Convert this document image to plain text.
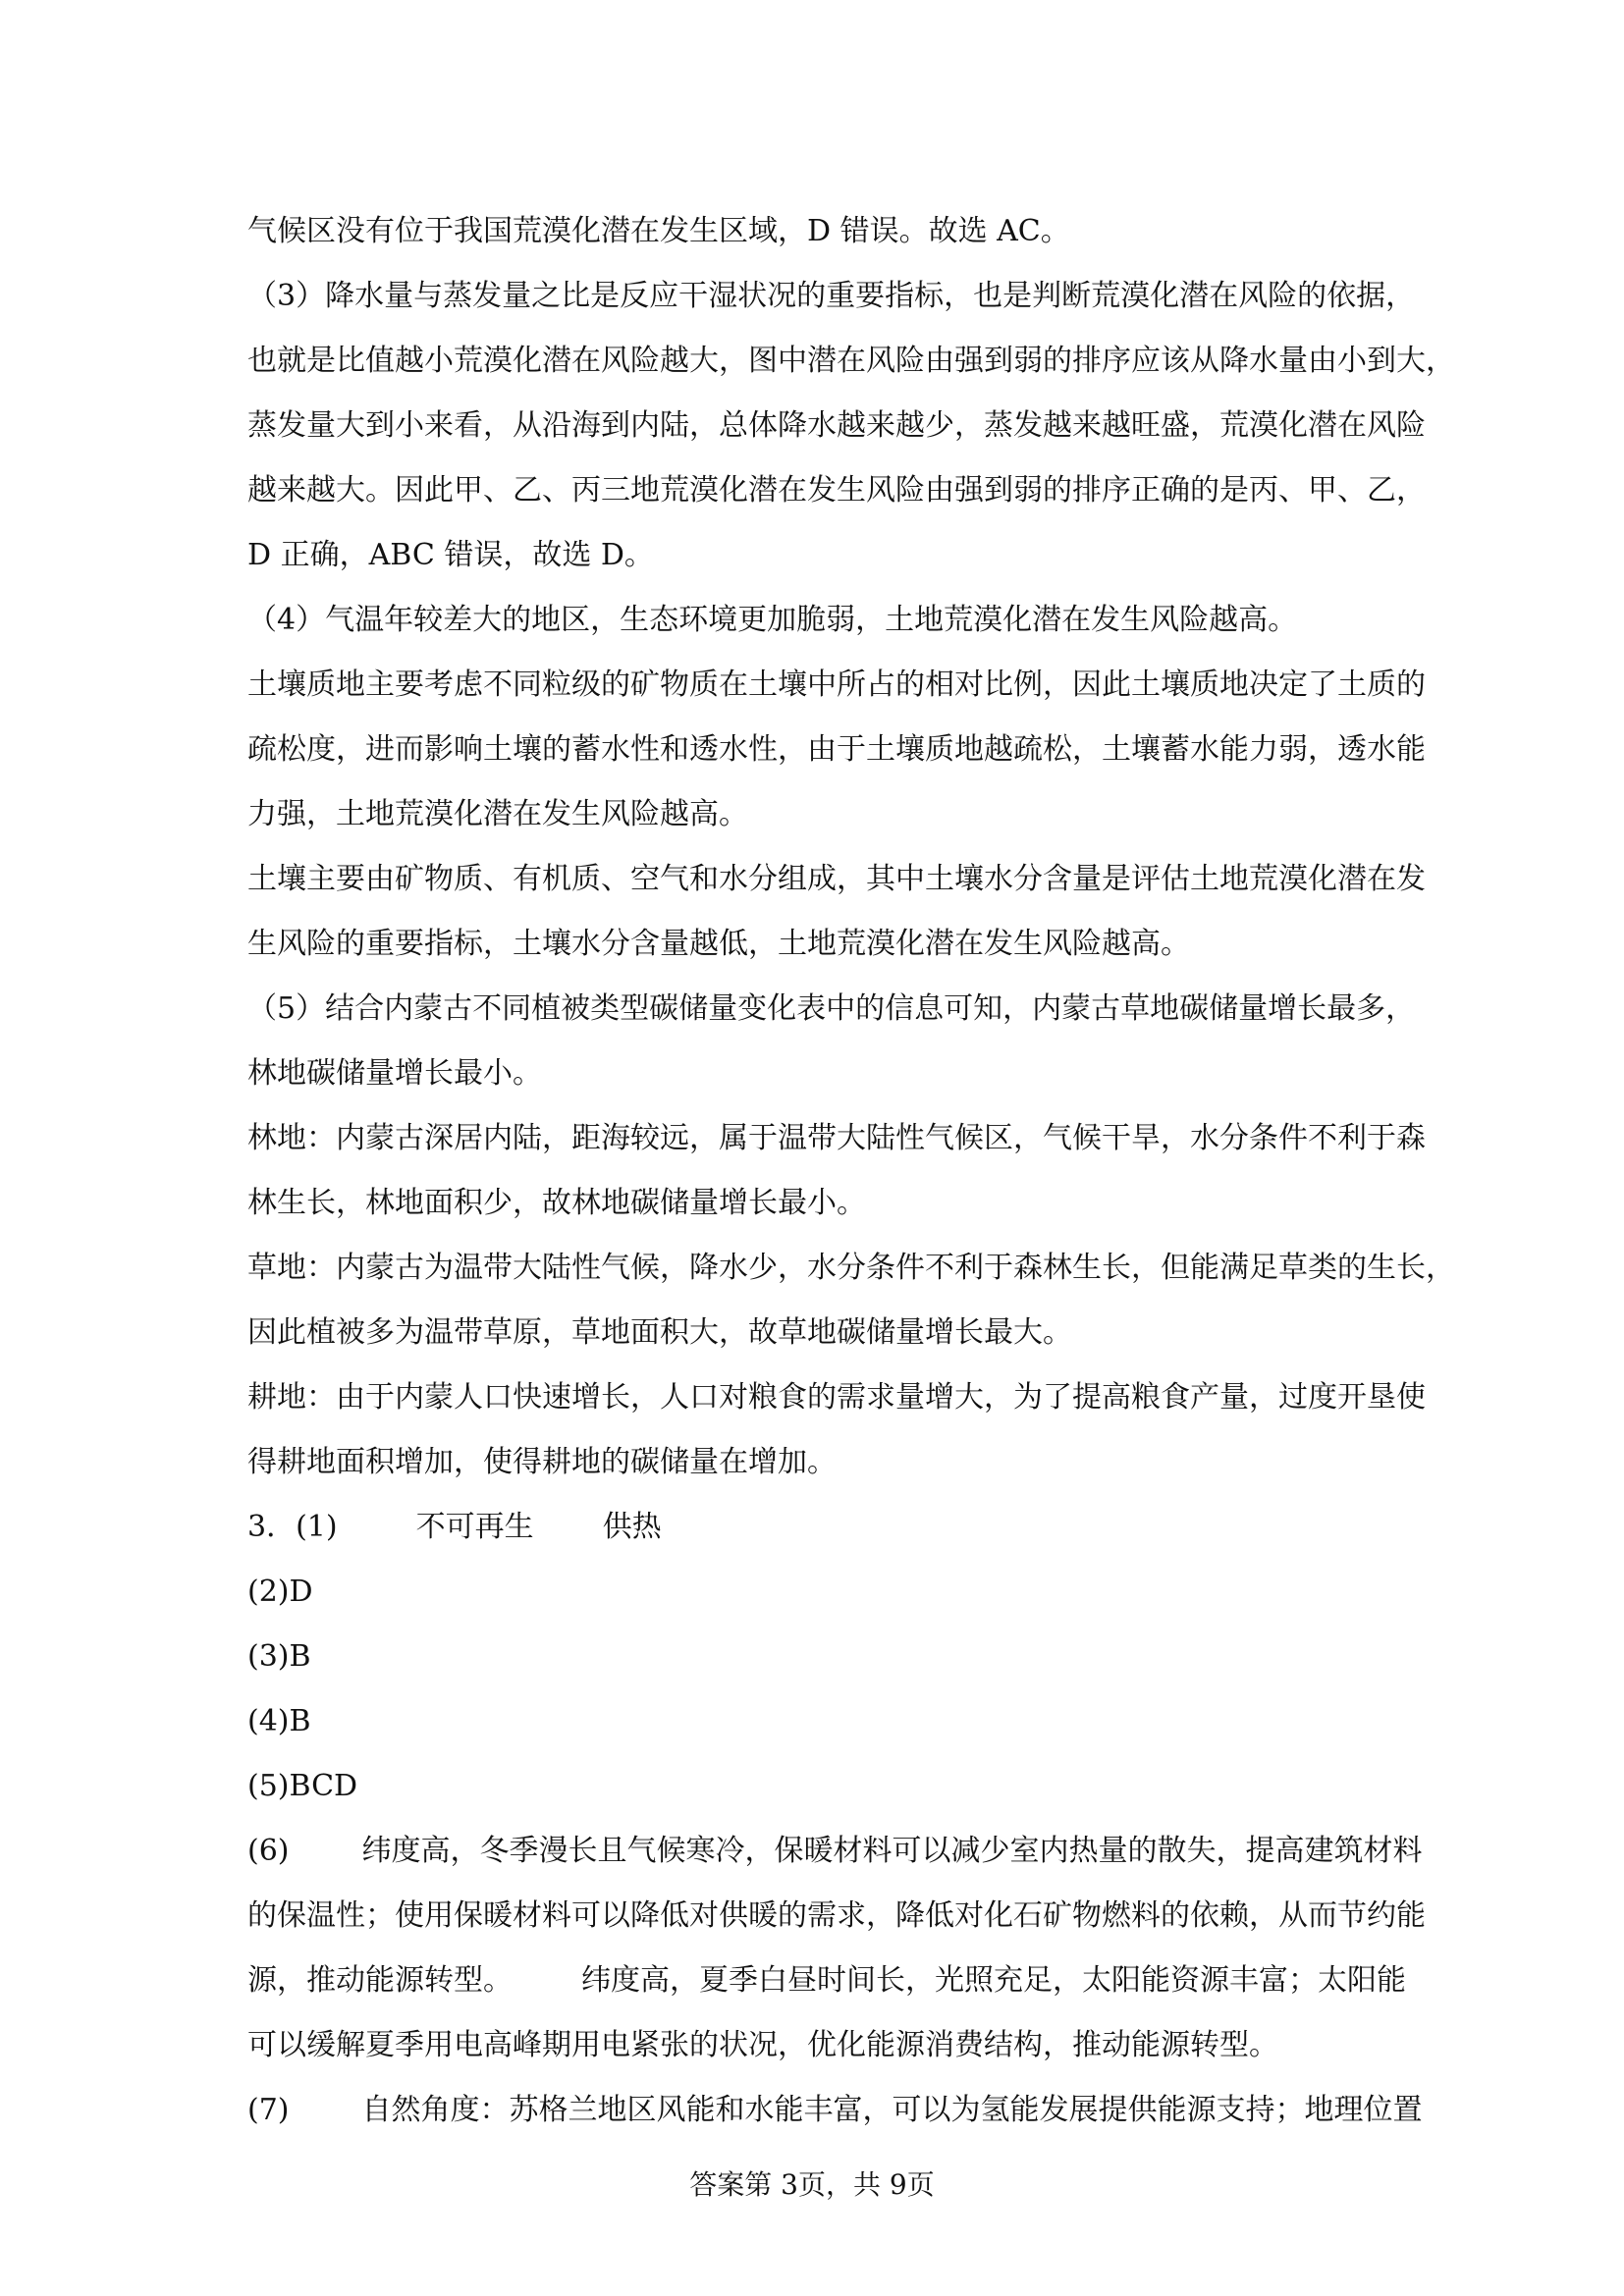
气候区没有位于我国荒漠化潜在发生区域，D 错误。故选 AC。
（3）降水量与蒸发量之比是反应干湿状况的重要指标，也是判断荒漠化潜在风险的依据，
也就是比值越小荒漠化潜在风险越大，图中潜在风险由强到弱的排序应该从降水量由小到大，
蒸发量大到小来看，从沿海到内陆，总体降水越来越少，蒸发越来越旺盛，荒漠化潜在风险
越来越大。因此甲、乙、丙三地荒漠化潜在发生风险由强到弱的排序正确的是丙、甲、乙，
D 正确，ABC 错误，故选 D。
（4）气温年较差大的地区，生态环境更加脆弱，土地荒漠化潜在发生风险越高。
土壤质地主要考虑不同粒级的矿物质在土壤中所占的相对比例，因此土壤质地决定了土质的
疏松度，进而影响土壤的蓄水性和透水性，由于土壤质地越疏松，土壤蓄水能力弱，透水能
力强，土地荒漠化潜在发生风险越高。
土壤主要由矿物质、有机质、空气和水分组成，其中土壤水分含量是评估土地荒漠化潜在发
生风险的重要指标，土壤水分含量越低，土地荒漠化潜在发生风险越高。
（5）结合内蒙古不同植被类型碳储量变化表中的信息可知，内蒙古草地碳储量增长最多，
林地碳储量增长最小。
林地：内蒙古深居内陆，距海较远，属于温带大陆性气候区，气候干旱，水分条件不利于森
林生长，林地面积少，故林地碳储量增长最小。
草地：内蒙古为温带大陆性气候，降水少，水分条件不利于森林生长，但能满足草类的生长，
因此植被多为温带草原，草地面积大，故草地碳储量增长最大。
耕地：由于内蒙人口快速增长，人口对粮食的需求量增大，为了提高粮食产量，过度开垦使
得耕地面积增加，使得耕地的碳储量在增加。
3．(1)	不可再生 供热
(2)D
(3)B
(4)B
(5)BCD
(6) 纬度高，冬季漫长且气候寒冷，保暖材料可以减少室内热量的散失，提高建筑材料
的保温性；使用保暖材料可以降低对供暖的需求，降低对化石矿物燃料的依赖，从而节约能
源，推动能源转型。 纬度高，夏季白昼时间长，光照充足，太阳能资源丰富；太阳能
可以缓解夏季用电高峰期用电紧张的状况，优化能源消费结构，推动能源转型。
(7) 自然角度：苏格兰地区风能和水能丰富，可以为氢能发展提供能源支持；地理位置
答案第 3页，共 9页
